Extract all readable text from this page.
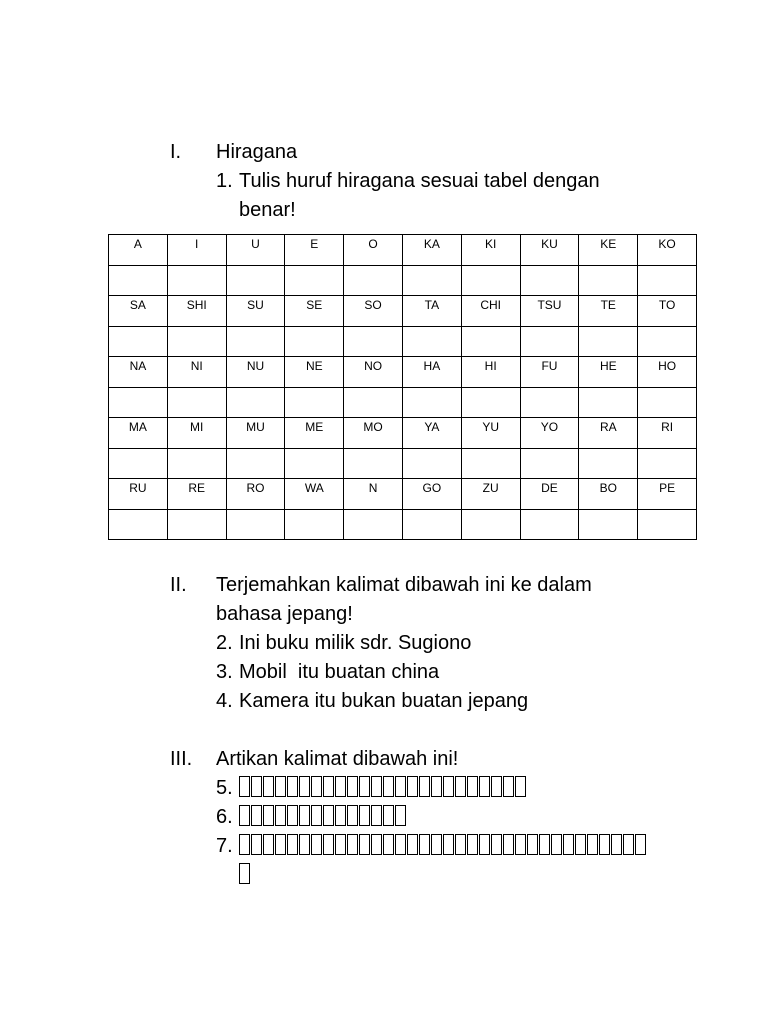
I.	Hiragana
1. Tulis huruf hiragana sesuai tabel dengan
benar!
A	I	U	E	O	KA	KI	KU	KE	KO

SA	SHI	SU	SE	SO	TA	CHI	TSU	TE	TO

NA	NI	NU	NE	NO	HA	HI	FU	HE	HO

MA	MI	MU	ME	MO	YA	YU	YO	RA	RI

RU	RE	RO	WA	N	GO	ZU	DE	BO	PE

II.	Terjemahkan kalimat dibawah ini ke dalam
bahasa jepang!
2. Ini buku milik sdr. Sugiono
3. Mobil  itu buatan china
4. Kamera itu bukan buatan jepang
III.	Artikan kalimat dibawah ini!
5.
6.
7.
